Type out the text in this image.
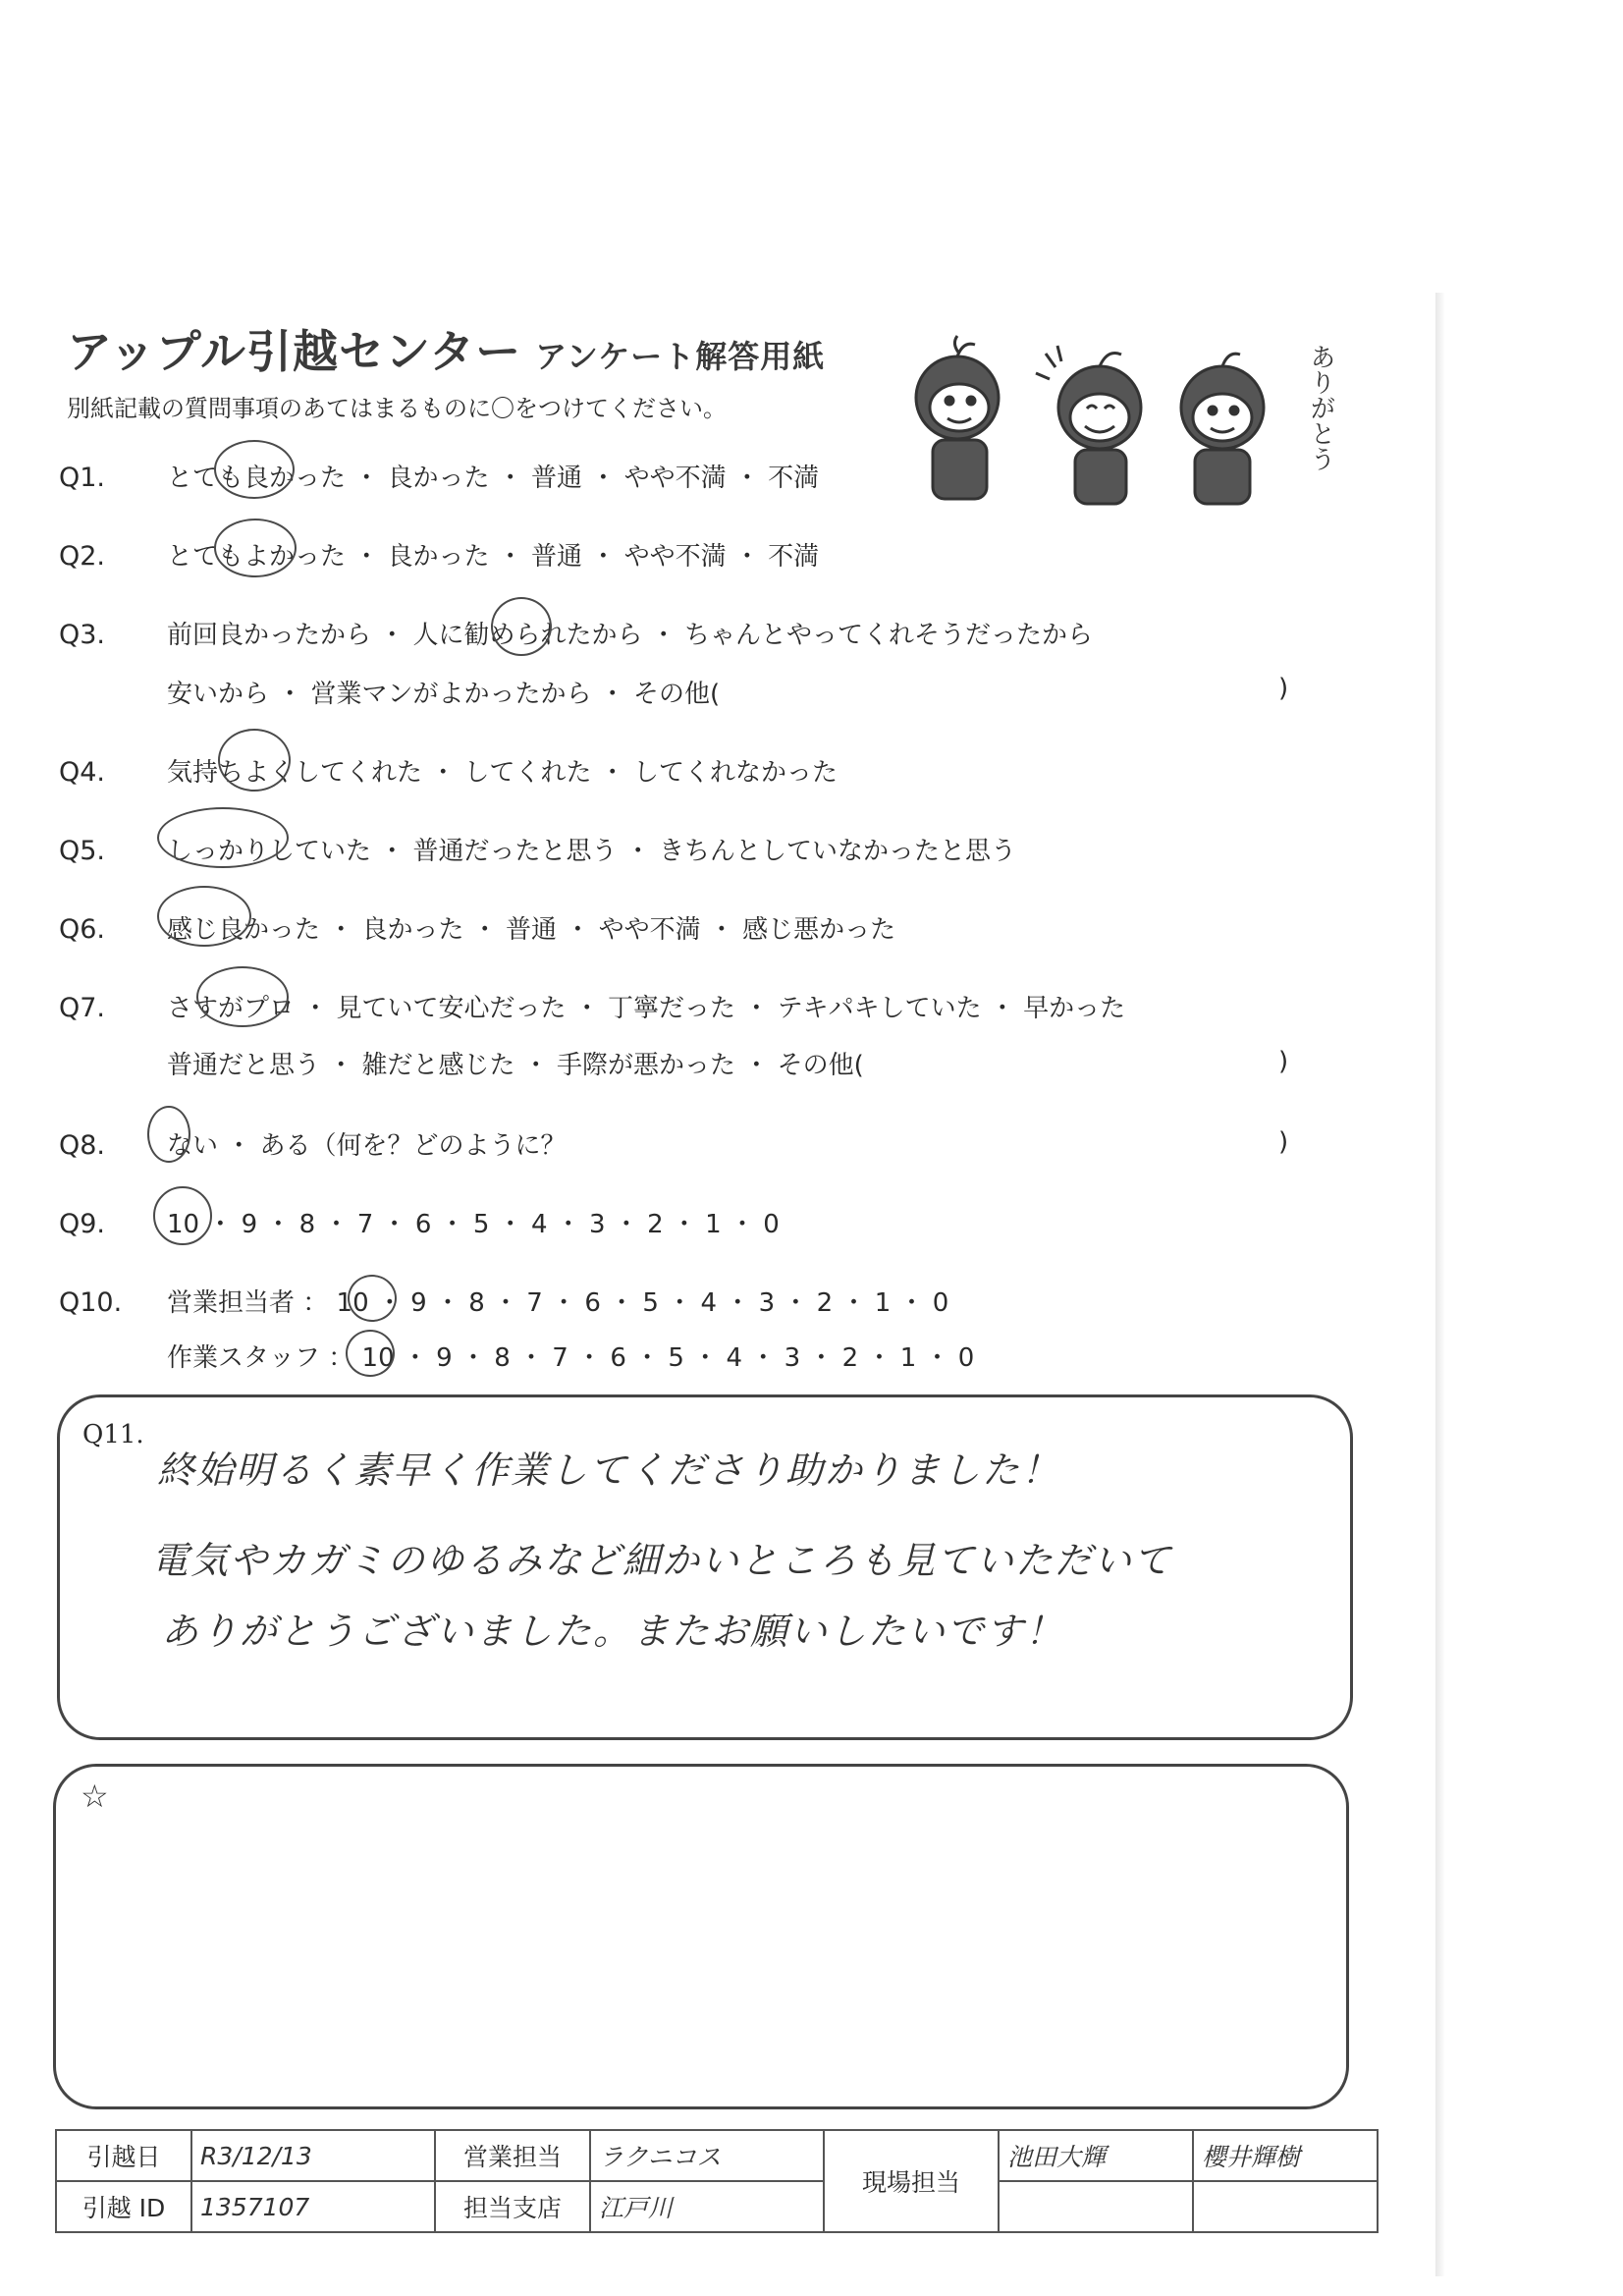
アップル引越センター アンケート解答用紙
別紙記載の質問事項のあてはまるものに〇をつけてください。	ありがとう
Q1. とても良かった ・ 良かった ・ 普通 ・ やや不満 ・ 不満
Q2. とてもよかった ・ 良かった ・ 普通 ・ やや不満 ・ 不満
Q3. 前回良かったから ・ 人に勧められたから ・ ちゃんとやってくれそうだったから
安いから ・ 営業マンがよかったから ・ その他(	)
Q4. 気持ちよくしてくれた ・ してくれた ・ してくれなかった
Q5. しっかりしていた ・ 普通だったと思う ・ きちんとしていなかったと思う
Q6. 感じ良かった ・ 良かった ・ 普通 ・ やや不満 ・ 感じ悪かった
Q7. さすがプロ ・ 見ていて安心だった ・ 丁寧だった ・ テキパキしていた ・ 早かった
普通だと思う ・ 雑だと感じた ・ 手際が悪かった ・ その他(	)
Q8. ない ・ ある（何を？どのように？	)
Q9. 10 ・ 9 ・ 8 ・ 7 ・ 6 ・ 5 ・ 4 ・ 3 ・ 2 ・ 1 ・ 0
Q10. 営業担当者 ： 10 ・ 9 ・ 8 ・ 7 ・ 6 ・ 5 ・ 4 ・ 3 ・ 2 ・ 1 ・ 0
作業スタッフ ： 10 ・ 9 ・ 8 ・ 7 ・ 6 ・ 5 ・ 4 ・ 3 ・ 2 ・ 1 ・ 0
Q11.
終始明るく素早く作業してくださり助かりました！
電気やカガミのゆるみなど細かいところも見ていただいて
ありがとうございました。またお願いしたいです！
☆
引越日	R3/12/13	営業担当	ラクニコス	現場担当	池田大輝	櫻井輝樹
引越 ID	1357107	担当支店	江戸川			
